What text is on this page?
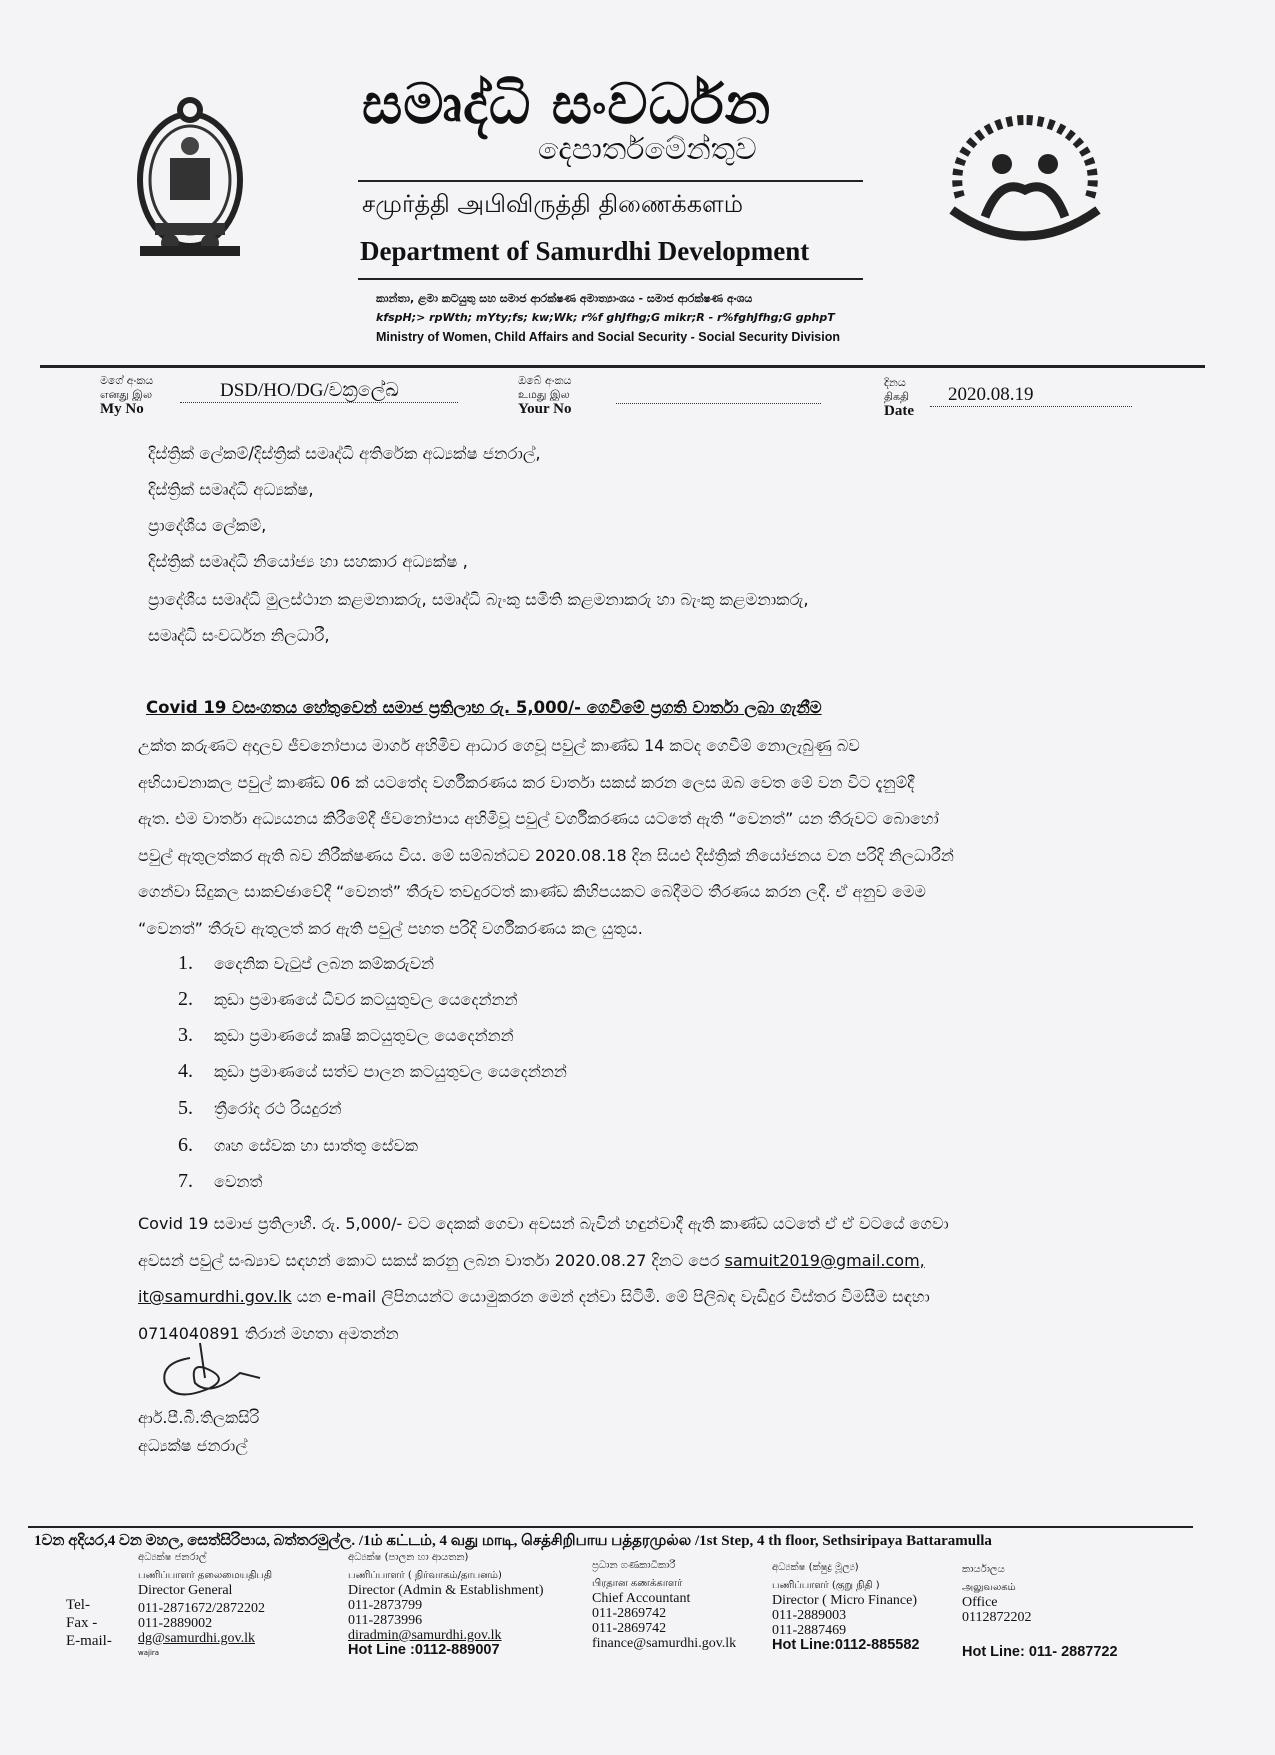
සමෘද්ධි සංවර්ධන
දෙපාර්තමේන්තුව
சமுர்த்தி அபிவிருத்தி திணைக்களம்
Department of Samurdhi Development
කාන්තා, ළමා කටයුතු සහ සමාජ ආරක්ෂණ අමාත්‍යාංශය - සමාජ ආරක්ෂණ අංශය
kfspH;> rpWth; mYty;fs; kw;Wk; r%f ghJfhg;G mikr;R - r%fghJfhg;G gphpT
Ministry of Women, Child Affairs and Social Security - Social Security Division
මගේ අංකය
எனது இல
My No
DSD/HO/DG/චක්‍රලේඛ	ඔබේ අංකය
உமது இல
Your No
දිනය
திகதி
Date
2020.08.19
දිස්ත්‍රික් ලේකම්/දිස්ත්‍රික් සමෘද්ධි අතිරේක අධ්‍යක්ෂ ජනරාල්,
දිස්ත්‍රික් සමෘද්ධි අධ්‍යක්ෂ,
ප්‍රාදේශීය ලේකම්,
දිස්ත්‍රික් සමෘද්ධි නියෝජ්‍ය හා සහකාර අධ්‍යක්ෂ ,
ප්‍රාදේශීය සමෘද්ධි මුලස්ථාන කළමනාකරු, සමෘද්ධි බැංකු සමිති කළමනාකරු හා බැංකු කළමනාකරු,
සමෘද්ධි සංවර්ධන නිලධාරී,
Covid 19 වසංගතය හේතුවෙන් සමාජ ප්‍රතිලාභ රු. 5,000/- ගෙවීමේ ප්‍රගති වාර්තා ලබා ගැනීම
උක්ත කරුණට අදාලව ජීවනෝපාය මාර්ග අහිමිව ආධාර ගෙවූ පවුල් කාණ්ඩ 14 කටද ගෙවීම් නොලැබුණු බව
අභියාචනාකල පවුල් කාණ්ඩ 06 ක් යටතේද වර්ගීකරණය කර වාර්තා සකස් කරන ලෙස ඔබ වෙත මේ වන විට දැනුම්දී
ඇත. එම වාර්තා අධ්‍යයනය කිරීමේදී ජීවනෝපාය අහිමිවූ පවුල් වර්ගීකරණය යටතේ ඇති “වෙනත්” යන තීරුවට බොහෝ
පවුල් ඇතුලත්කර ඇති බව නිරීක්ෂණය විය. මේ සම්බන්ධව 2020.08.18 දින සියළු දිස්ත්‍රික් නියෝජනය වන පරිදි නිලධාරීන්
ගෙන්වා සිදුකල සාකච්ඡාවේදී “වෙනත්” තීරුව තවදුරටත් කාණ්ඩ කිහිපයකට බෙදීමට තීරණය කරන ලදී. ඒ අනුව මෙම
“වෙනත්” තීරුව ඇතුලත් කර ඇති පවුල් පහත පරිදි වර්ගීකරණය කල යුතුය.
1. දෛනික වැටුප් ලබන කම්කරුවන්
2. කුඩා ප්‍රමාණයේ ධීවර කටයුතුවල යෙදෙන්නන්
3. කුඩා ප්‍රමාණයේ කෘෂි කටයුතුවල යෙදෙන්නන්
4. කුඩා ප්‍රමාණයේ සත්ව පාලන කටයුතුවල යෙදෙන්නන්
5. ත්‍රීරෝද රථ රියදුරන්
6. ගෘහ සේවක හා සාත්තු සේවක
7. වෙනත්
Covid 19 සමාජ ප්‍රතිලාභී. රු. 5,000/- වට දෙකක් ගෙවා අවසන් බැවින් හඳුන්වාදී ඇති කාණ්ඩ යටතේ ඒ ඒ වටයේ ගෙවා
අවසන් පවුල් සංඛ්‍යාව සඳහන් කොට සකස් කරනු ලබන වාර්තා 2020.08.27 දිනට පෙර samuit2019@gmail.com,
it@samurdhi.gov.lk යන e-mail ලිපිනයන්ට යොමුකරන මෙන් දන්වා සිටිමි. මේ පිලිබඳ වැඩිදුර විස්තර විමසීම සඳහා
0714040891 තිරාන් මහතා අමතන්න
ආර්.පී.බී.තිලකසිරි
අධ්‍යක්ෂ ජනරාල්
1වන අදියර,4 වන මහල, සෙත්සිරිපාය, බත්තරමුල්ල. /1ம் கட்டம், 4 வது மாடி, செத்சிறிபாய பத்தரமுல்ல /1st Step, 4 th floor, Sethsiripaya Battaramulla
Tel-
Fax -
E-mail-
අධ්‍යක්ෂ ජනරාල්
பணிப்பாளர் தலைமையதிபதி
Director General
011-2871672/2872202
011-2889002
dg@samurdhi.gov.lk
wajira
අධ්‍යක්ෂ (පාලන හා ආයතන)
பணிப்பாளர் ( நிர்வாகம்/தாபனம்)
Director (Admin & Establishment)
011-2873799
011-2873996
diradmin@samurdhi.gov.lk
Hot Line :0112-889007
ප්‍රධාන ගණකාධිකාරී
பிரதான கணக்காளர்
Chief Accountant
011-2869742
011-2869742
finance@samurdhi.gov.lk
අධ්‍යක්ෂ (ක්ෂුද්‍ර මූල්‍ය)
பணிப்பாளர் (குறு நிதி )
Director ( Micro Finance)
011-2889003
011-2887469
Hot Line:0112-885582
කාර්යාලය
அலுவலகம்
Office
0112872202
Hot Line: 011- 2887722
